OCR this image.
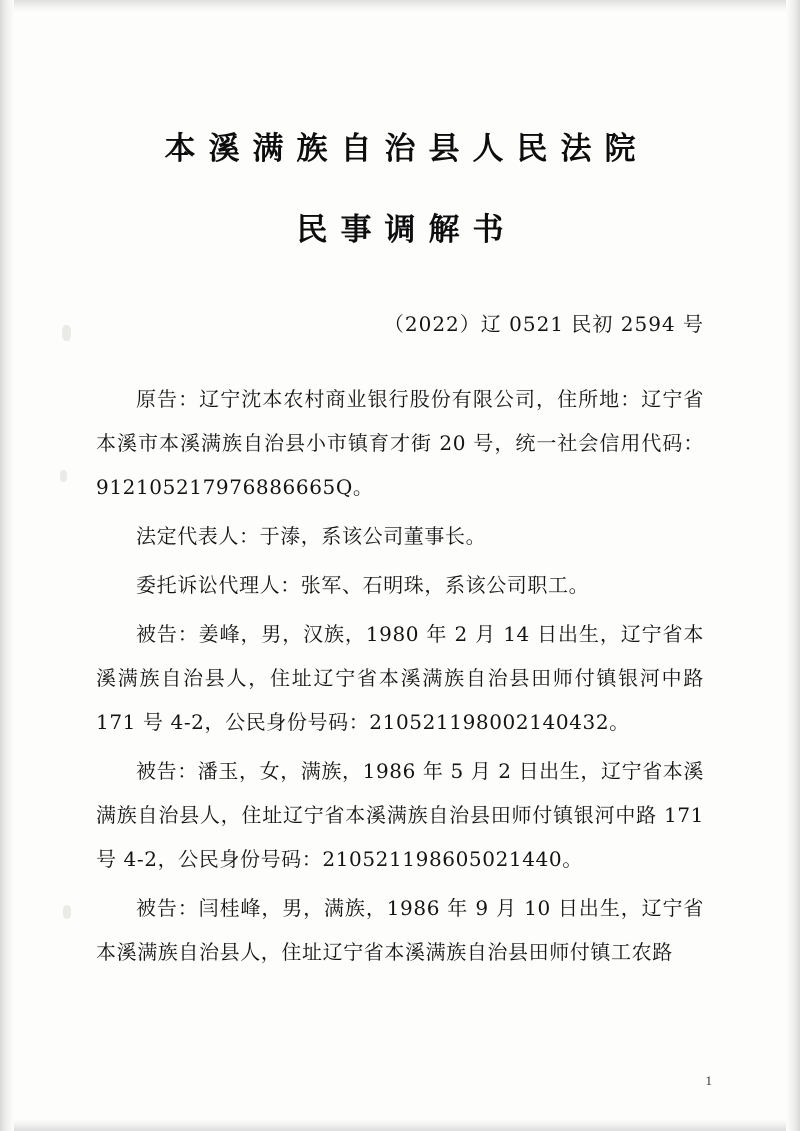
本溪满族自治县人民法院
民事调解书

（2022）辽 0521 民初 2594 号

原告：辽宁沈本农村商业银行股份有限公司，住所地：辽宁省本溪市本溪满族自治县小市镇育才街 20 号，统一社会信用代码：912105217976886665Q。

法定代表人：于溙，系该公司董事长。

委托诉讼代理人：张军、石明珠，系该公司职工。

被告：姜峰，男，汉族，1980 年 2 月 14 日出生，辽宁省本溪满族自治县人，住址辽宁省本溪满族自治县田师付镇银河中路 171 号 4-2，公民身份号码：210521198002140432。

被告：潘玉，女，满族，1986 年 5 月 2 日出生，辽宁省本溪满族自治县人，住址辽宁省本溪满族自治县田师付镇银河中路 171 号 4-2，公民身份号码：210521198605021440。

被告：闫桂峰，男，满族，1986 年 9 月 10 日出生，辽宁省本溪满族自治县人，住址辽宁省本溪满族自治县田师付镇工农路

1
